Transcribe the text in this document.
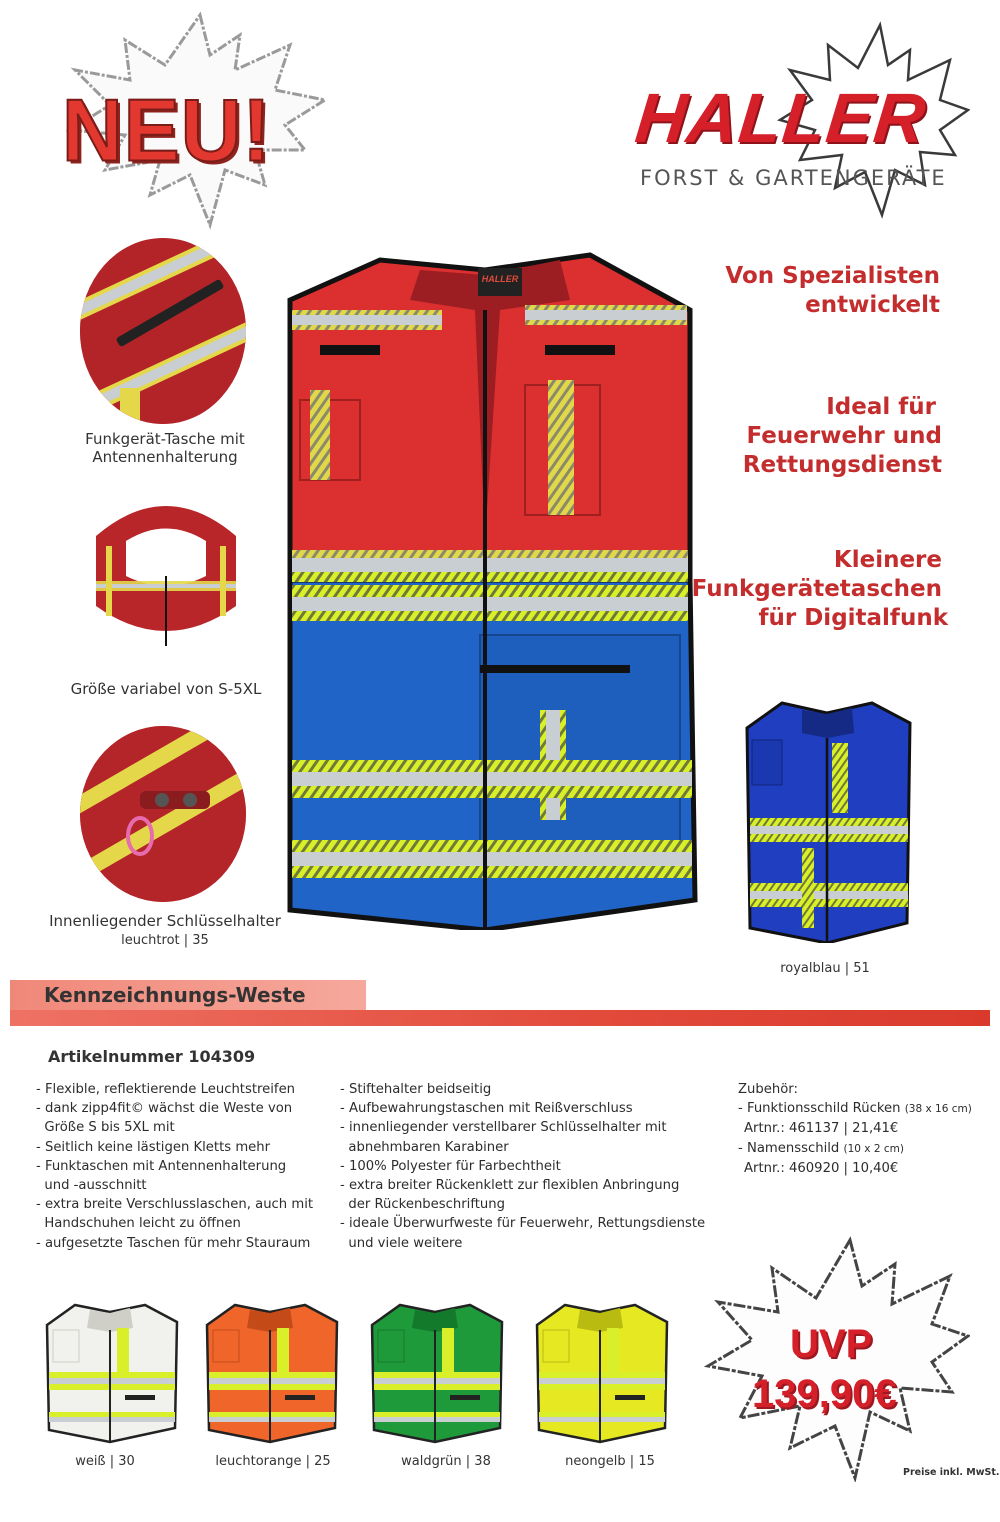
NEU!	HALLER
FORST & GARTENGERÄTE
Funkgerät-Tasche mit
Antennenhalterung
Größe variabel von S-5XL
Innenliegender Schlüsselhalter
leuchtrot | 35
HALLER	Von Spezialisten
entwickelt
Ideal für
Feuerwehr und
Rettungsdienst
Kleinere
Funkgerätetaschen
für Digitalfunk
royalblau | 51
Kennzeichnungs-Weste
Artikelnummer 104309
- Flexible, reflektierende Leuchtstreifen
- dank zipp4fit© wächst die Weste von
Größe S bis 5XL mit
- Seitlich keine lästigen Kletts mehr
- Funktaschen mit Antennenhalterung
und -ausschnitt
- extra breite Verschlusslaschen, auch mit
Handschuhen leicht zu öffnen
- aufgesetzte Taschen für mehr Stauraum
- Stiftehalter beidseitig
- Aufbewahrungstaschen mit Reißverschluss
- innenliegender verstellbarer Schlüsselhalter mit
abnehmbaren Karabiner
- 100% Polyester für Farbechtheit
- extra breiter Rückenklett zur flexiblen Anbringung
der Rückenbeschriftung
- ideale Überwurfweste für Feuerwehr, Rettungsdienste
und viele weitere
Zubehör:
- Funktionsschild Rücken (38 x 16 cm)
Artnr.: 461137 | 21,41€
- Namensschild (10 x 2 cm)
Artnr.: 460920 | 10,40€
UVP
139,90€
Preise inkl. MwSt.
weiß | 30	leuchtorange | 25	waldgrün | 38	neongelb | 15
